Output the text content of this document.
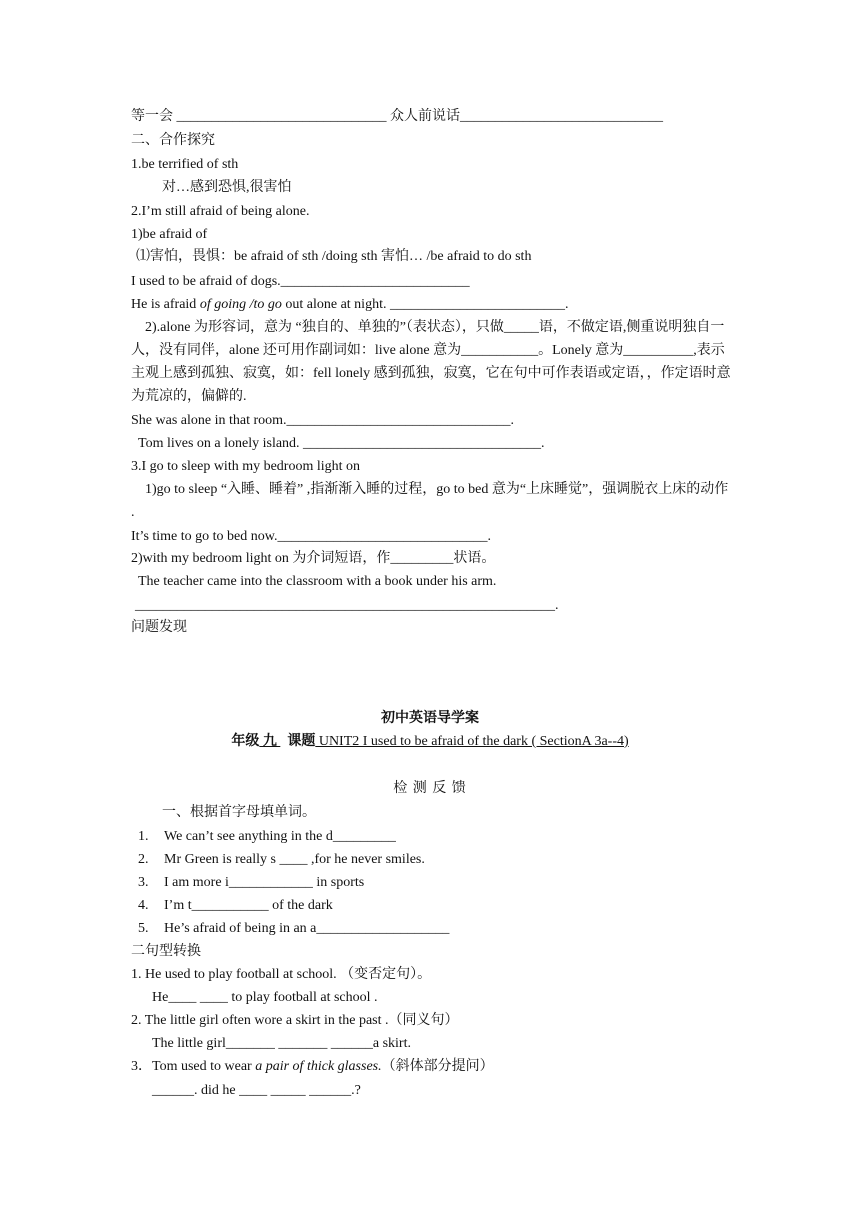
等一会 ______________________________ 众人前说话_____________________________
二、合作探究
1.be terrified of sth
对…感到恐惧,很害怕
2.I’m still afraid of being alone.
1)be afraid of
⑴害怕，畏惧：be afraid of sth /doing sth 害怕… /be afraid to do sth
I used to be afraid of dogs.___________________________
He is afraid of going /to go out alone at night. _________________________.
2).alone 为形容词，意为 “独自的、单独的”（表状态），只做_____语，不做定语,侧重说明独自一人，没有同伴，alone 还可用作副词如：live alone 意为___________。Lonely 意为__________,表示主观上感到孤独、寂寞，如：fell lonely 感到孤独，寂寞，它在句中可作表语或定语，，作定语时意为荒凉的，偏僻的.
She was alone in that room.________________________________.
Tom lives on a lonely island. __________________________________.
3.I go to sleep with my bedroom light on
1)go to sleep “入睡、睡着” ,指渐渐入睡的过程，go to bed 意为“上床睡觉”，强调脱衣上床的动作 .
It’s time to go to bed now.______________________________.
2)with my bedroom light on 为介词短语，作_________状语。
The teacher came into the classroom with a book under his arm.
____________________________________________________________.
问题发现
初中英语导学案
年级 九   课题 UNIT2 I used to be afraid of the dark ( SectionA 3a--4)
检 测 反 馈
一、根据首字母填单词。
1. We can’t see anything in the d_________
2. Mr Green is really s ____ ,for he never smiles.
3. I am more i____________ in sports
4. I’m t___________ of the dark
5. He’s afraid of being in an a___________________
二句型转换
1. He used to play football at school. （变否定句）。
He____ ____ to play football at school .
2. The little girl often wore a skirt in the past .（同义句）
The little girl_______ _______ ______a skirt.
3．Tom used to wear a pair of thick glasses.（斜体部分提问）
______. did he ____ _____ ______.?
